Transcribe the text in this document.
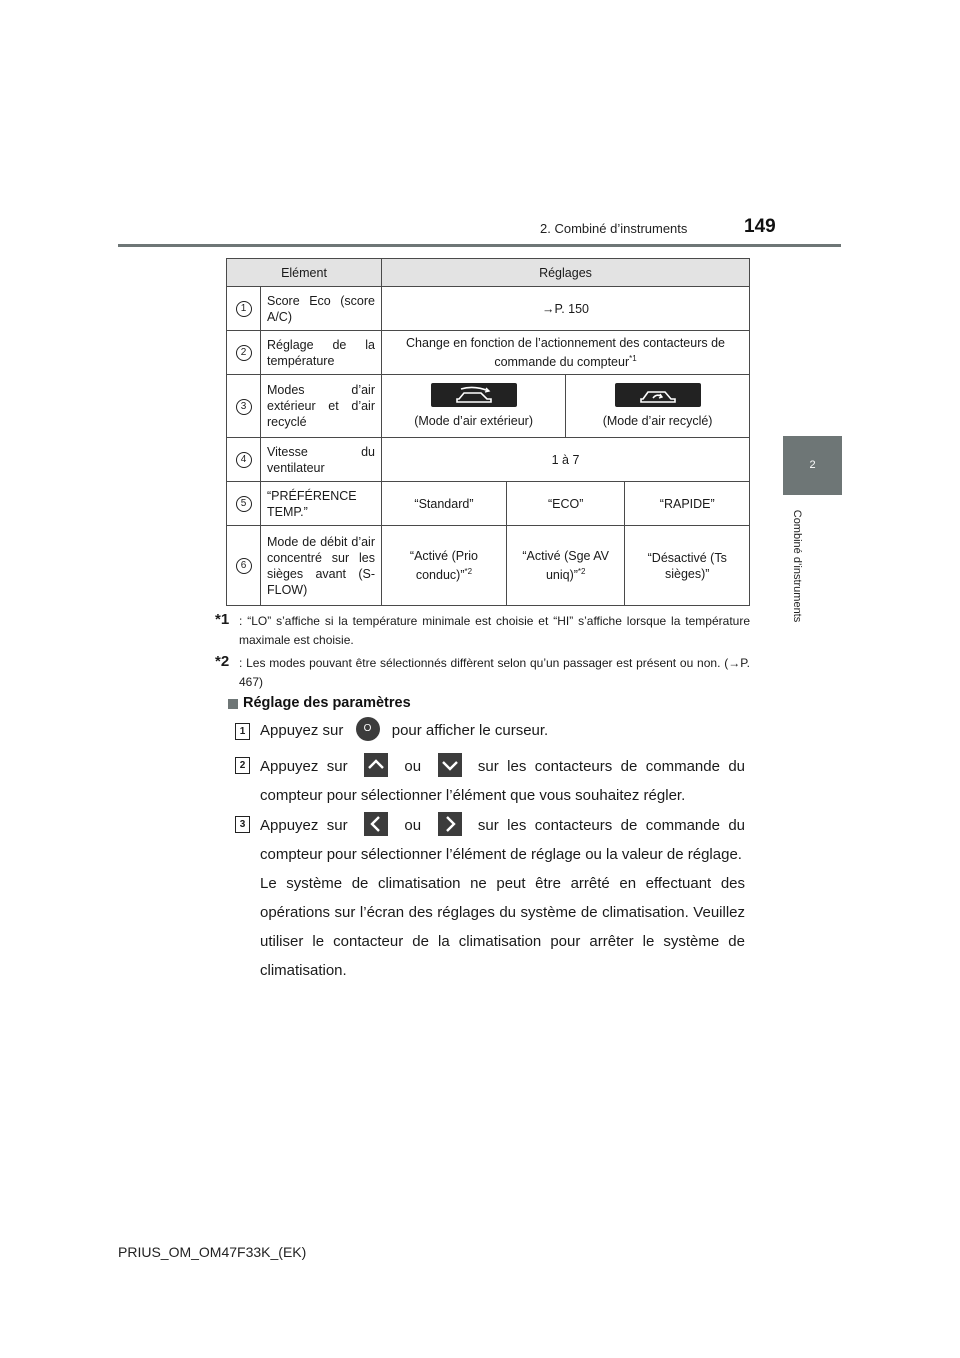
2. Combiné d’instruments	149
2
Combiné d’instruments
Elément		Réglages			
1	Score Eco (score A/C)	→P. 150			
2	Réglage de la température	Change en fonction de l’actionnement des contacteurs de commande du compteur$^{*1}$
3	Modes d’air extérieur et d’air recyclé	(Mode d’air extérieur)		(Mode d’air recyclé)	
4	Vitesse du ventilateur	1 à 7			
5	“PRÉFÉRENCE TEMP.”	“Standard”	“ECO”		“RAPIDE”
6	Mode de débit d’air concentré sur les sièges avant (S-FLOW)	“Activé (Prio conduc)”$^{*2}$	“Activé (Sge AV uniq)”$^{*2}$		“Désactivé (Ts sièges)”
*1 : “LO” s’affiche si la température minimale est choisie et “HI” s’affiche lorsque la température maximale est choisie.
*2 : Les modes pouvant être sélectionnés diffèrent selon qu’un passager est présent ou non. (→P. 467)
Réglage des paramètres
1 Appuyez sur O pour afficher le curseur.
2 Appuyez sur	ou	sur les contacteurs de commande du compteur pour sélectionner l’élément que vous souhaitez régler.
3 Appuyez sur	ou	sur les contacteurs de commande du compteur pour sélectionner l’élément de réglage ou la valeur de réglage.
Le système de climatisation ne peut être arrêté en effectuant des opérations sur l’écran des réglages du système de climatisation. Veuillez utiliser le contacteur de la climatisation pour arrêter le système de climatisation.
PRIUS_OM_OM47F33K_(EK)
